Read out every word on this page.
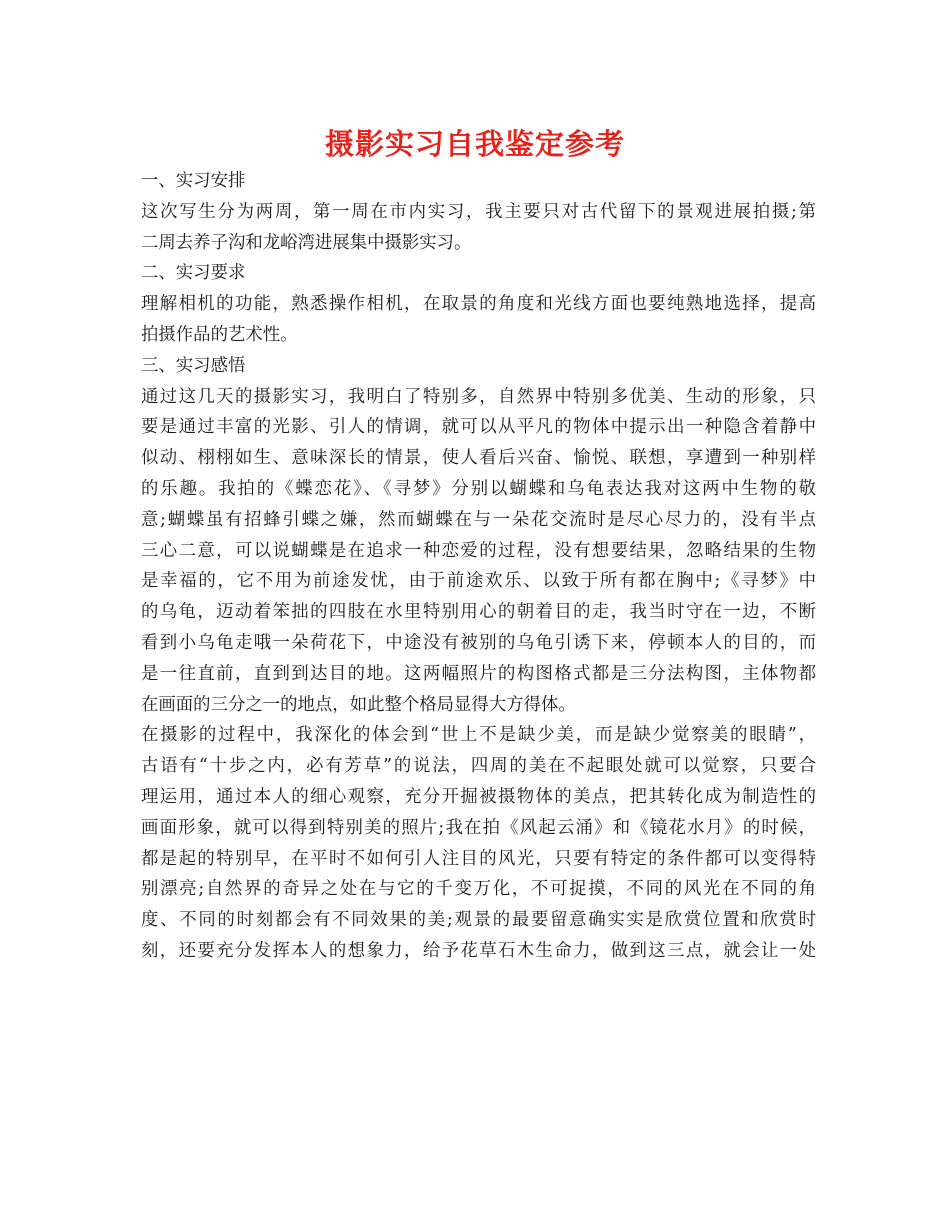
摄影实习自我鉴定参考
一、实习安排
这次写生分为两周，第一周在市内实习，我主要只对古代留下的景观进展拍摄;第
二周去养子沟和龙峪湾进展集中摄影实习。
二、实习要求
理解相机的功能，熟悉操作相机，在取景的角度和光线方面也要纯熟地选择，提高
拍摄作品的艺术性。
三、实习感悟
通过这几天的摄影实习，我明白了特别多，自然界中特别多优美、生动的形象，只
要是通过丰富的光影、引人的情调，就可以从平凡的物体中提示出一种隐含着静中
似动、栩栩如生、意味深长的情景，使人看后兴奋、愉悦、联想，享遭到一种别样
的乐趣。我拍的《蝶恋花》、《寻梦》分别以蝴蝶和乌龟表达我对这两中生物的敬
意;蝴蝶虽有招蜂引蝶之嫌，然而蝴蝶在与一朵花交流时是尽心尽力的，没有半点
三心二意，可以说蝴蝶是在追求一种恋爱的过程，没有想要结果，忽略结果的生物
是幸福的，它不用为前途发忧，由于前途欢乐、以致于所有都在胸中;《寻梦》中
的乌龟，迈动着笨拙的四肢在水里特别用心的朝着目的走，我当时守在一边，不断
看到小乌龟走哦一朵荷花下，中途没有被别的乌龟引诱下来，停顿本人的目的，而
是一往直前，直到到达目的地。这两幅照片的构图格式都是三分法构图，主体物都
在画面的三分之一的地点，如此整个格局显得大方得体。
在摄影的过程中，我深化的体会到“世上不是缺少美，而是缺少觉察美的眼睛”，
古语有“十步之内，必有芳草”的说法，四周的美在不起眼处就可以觉察，只要合
理运用，通过本人的细心观察，充分开掘被摄物体的美点，把其转化成为制造性的
画面形象，就可以得到特别美的照片;我在拍《风起云涌》和《镜花水月》的时候，
都是起的特别早，在平时不如何引人注目的风光，只要有特定的条件都可以变得特
别漂亮;自然界的奇异之处在与它的千变万化，不可捉摸，不同的风光在不同的角
度、不同的时刻都会有不同效果的美;观景的最要留意确实实是欣赏位置和欣赏时
刻，还要充分发挥本人的想象力，给予花草石木生命力，做到这三点，就会让一处
